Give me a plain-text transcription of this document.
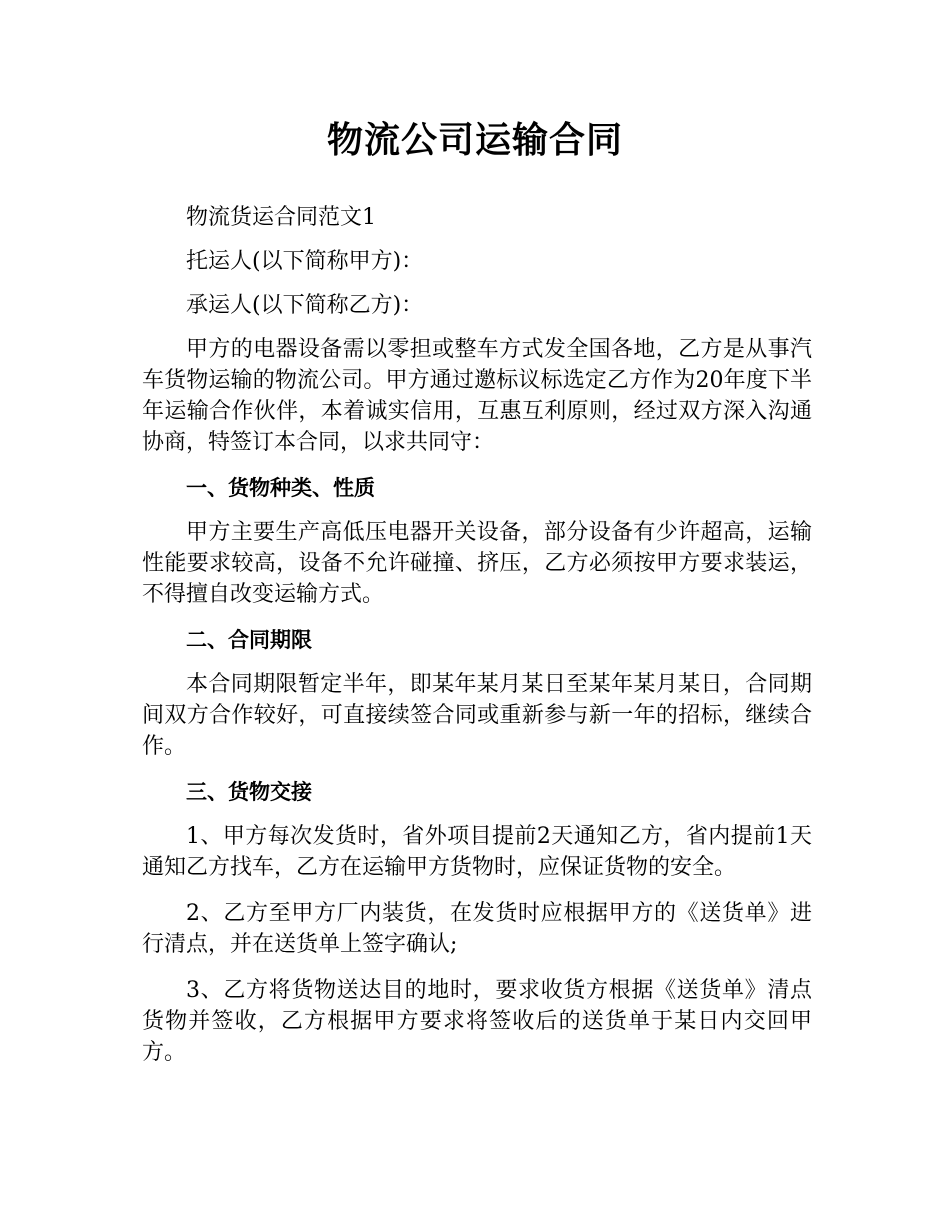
物流公司运输合同

物流货运合同范文1

托运人(以下简称甲方)：

承运人(以下简称乙方)：

甲方的电器设备需以零担或整车方式发全国各地，乙方是从事汽车货物运输的物流公司。甲方通过邀标议标选定乙方作为20年度下半年运输合作伙伴，本着诚实信用，互惠互利原则，经过双方深入沟通协商，特签订本合同，以求共同守：

一、货物种类、性质

甲方主要生产高低压电器开关设备，部分设备有少许超高，运输性能要求较高，设备不允许碰撞、挤压，乙方必须按甲方要求装运，不得擅自改变运输方式。

二、合同期限

本合同期限暂定半年，即某年某月某日至某年某月某日，合同期间双方合作较好，可直接续签合同或重新参与新一年的招标，继续合作。

三、货物交接

1、甲方每次发货时，省外项目提前2天通知乙方，省内提前1天通知乙方找车，乙方在运输甲方货物时，应保证货物的安全。

2、乙方至甲方厂内装货，在发货时应根据甲方的《送货单》进行清点，并在送货单上签字确认;

3、乙方将货物送达目的地时，要求收货方根据《送货单》清点货物并签收，乙方根据甲方要求将签收后的送货单于某日内交回甲方。
